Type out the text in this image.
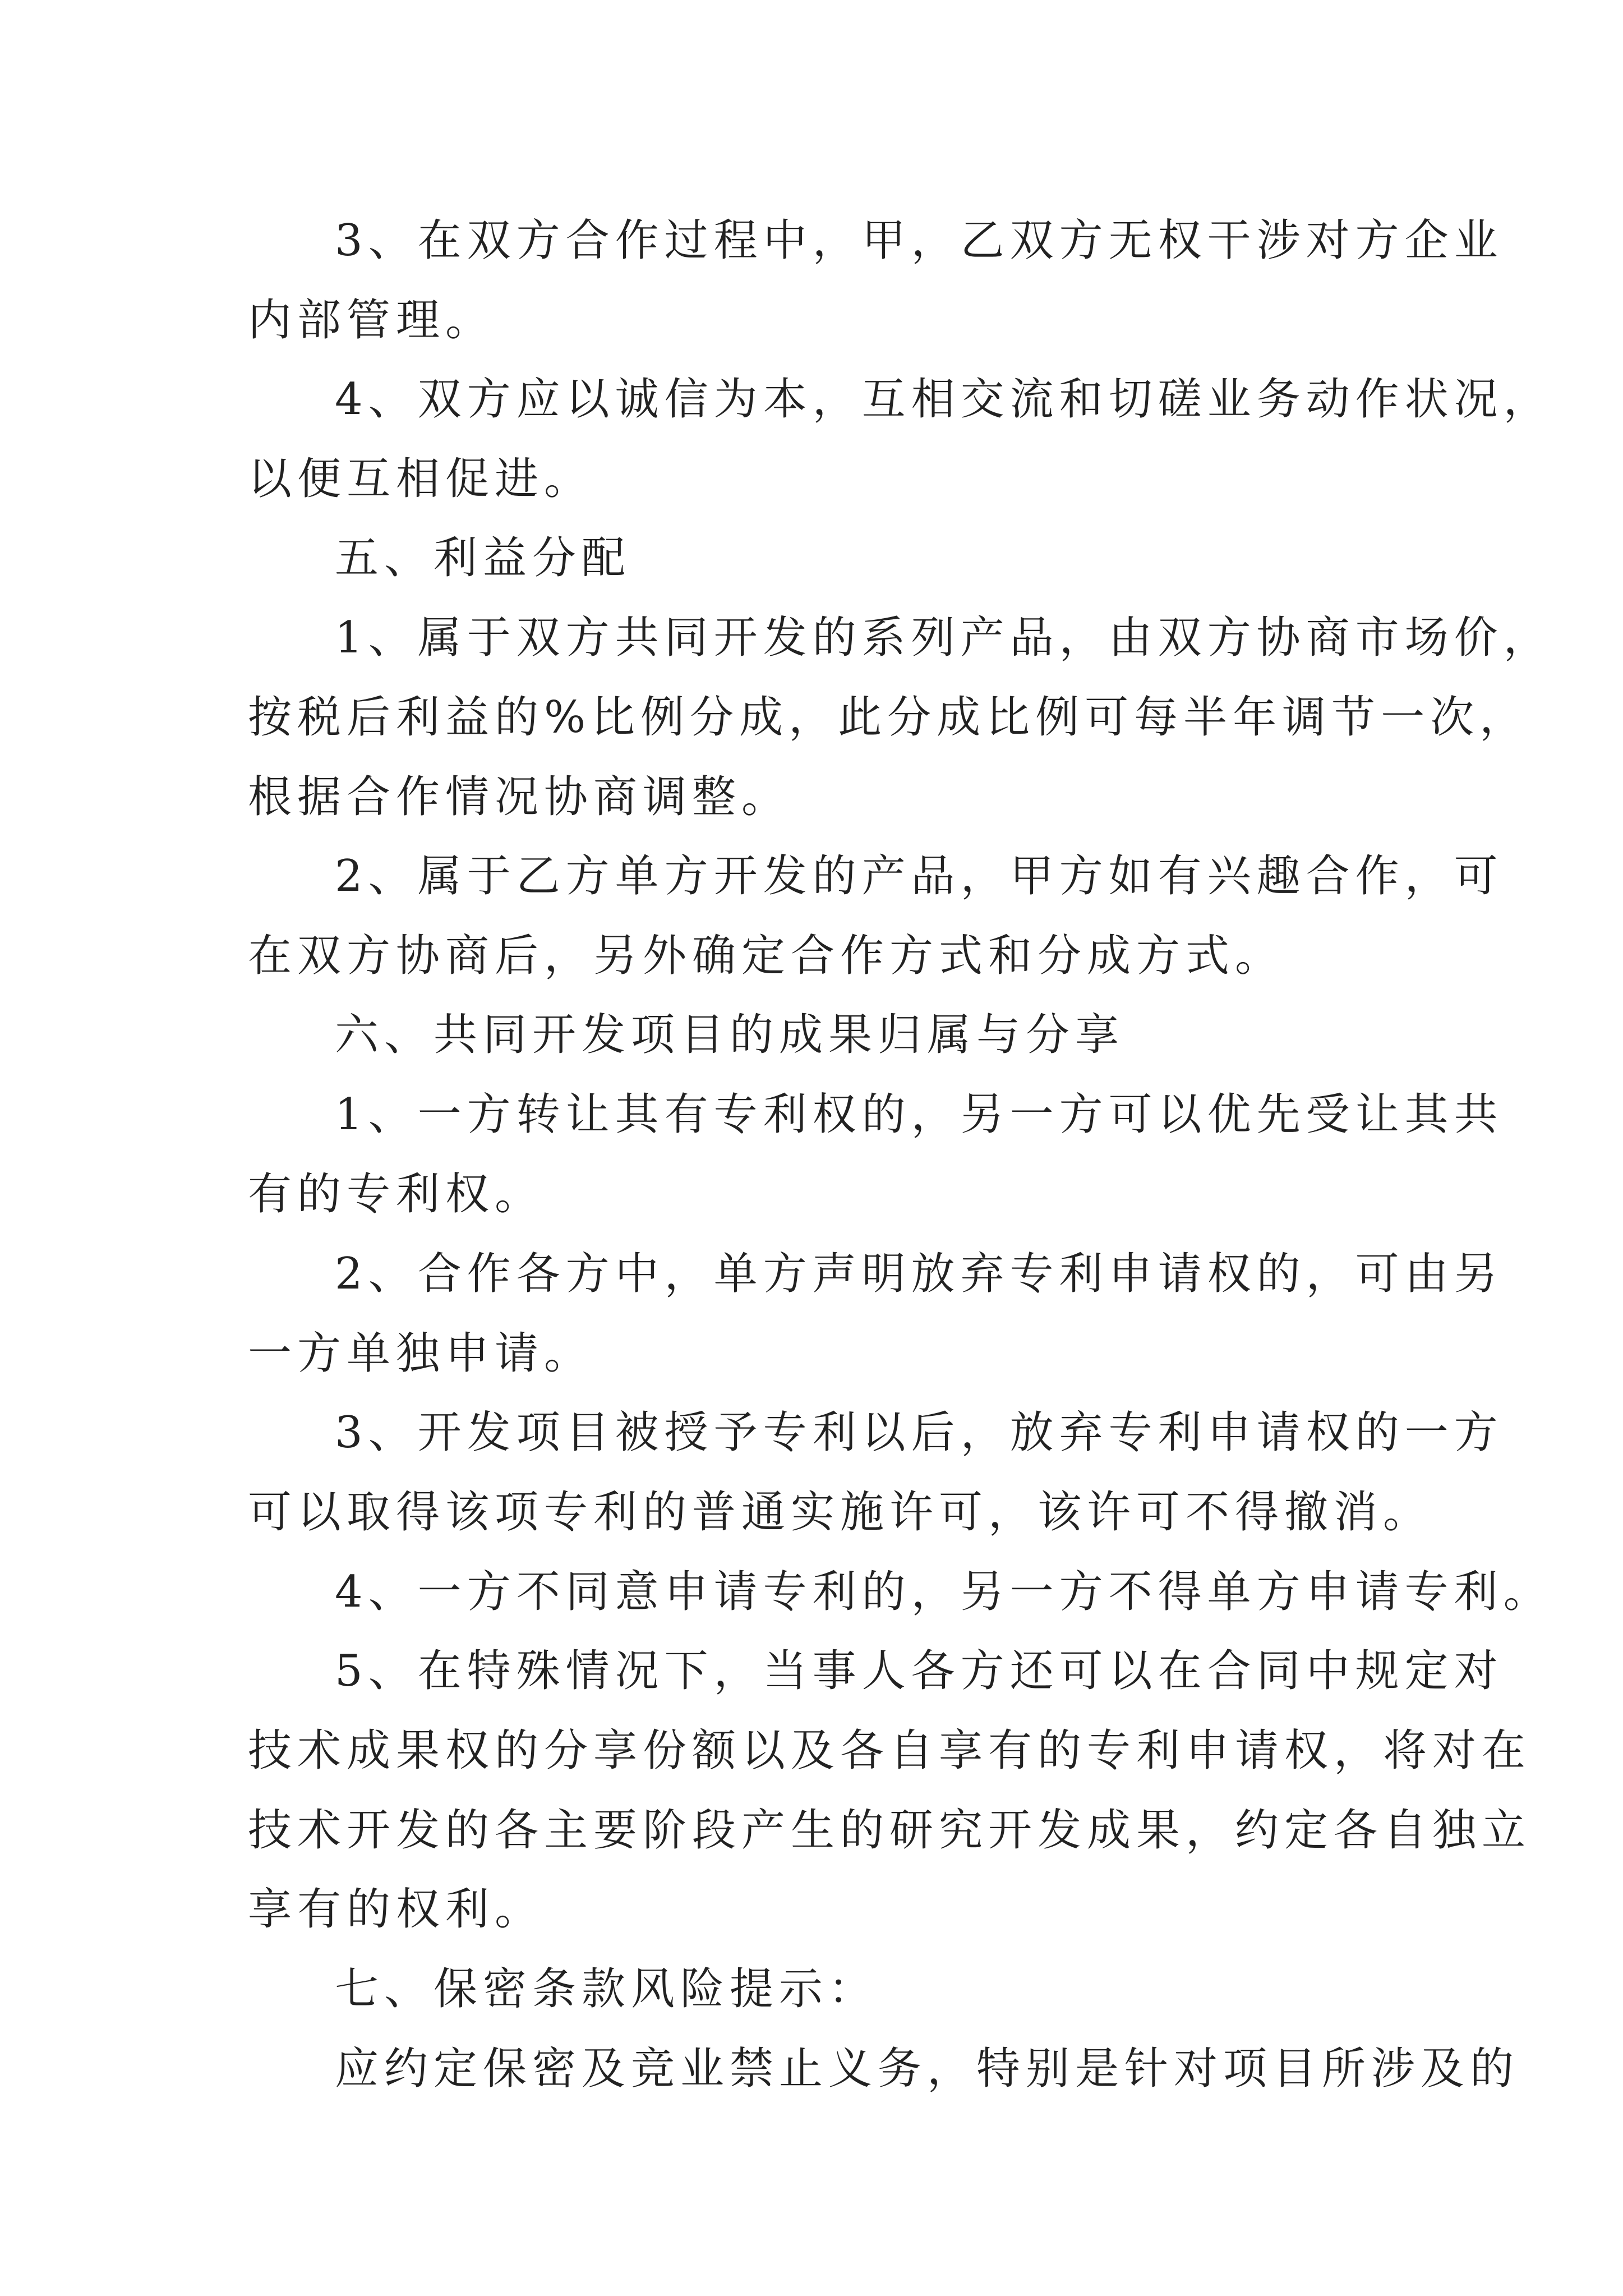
3、在双方合作过程中，甲，乙双方无权干涉对方企业
内部管理。
4、双方应以诚信为本，互相交流和切磋业务动作状况，
以便互相促进。
五、利益分配
1、属于双方共同开发的系列产品，由双方协商市场价，
按税后利益的%比例分成，此分成比例可每半年调节一次，
根据合作情况协商调整。
2、属于乙方单方开发的产品，甲方如有兴趣合作，可
在双方协商后，另外确定合作方式和分成方式。
六、共同开发项目的成果归属与分享
1、一方转让其有专利权的，另一方可以优先受让其共
有的专利权。
2、合作各方中，单方声明放弃专利申请权的，可由另
一方单独申请。
3、开发项目被授予专利以后，放弃专利申请权的一方
可以取得该项专利的普通实施许可，该许可不得撤消。
4、一方不同意申请专利的，另一方不得单方申请专利。
5、在特殊情况下，当事人各方还可以在合同中规定对
技术成果权的分享份额以及各自享有的专利申请权，将对在
技术开发的各主要阶段产生的研究开发成果，约定各自独立
享有的权利。
七、保密条款风险提示：
应约定保密及竞业禁止义务，特别是针对项目所涉及的
